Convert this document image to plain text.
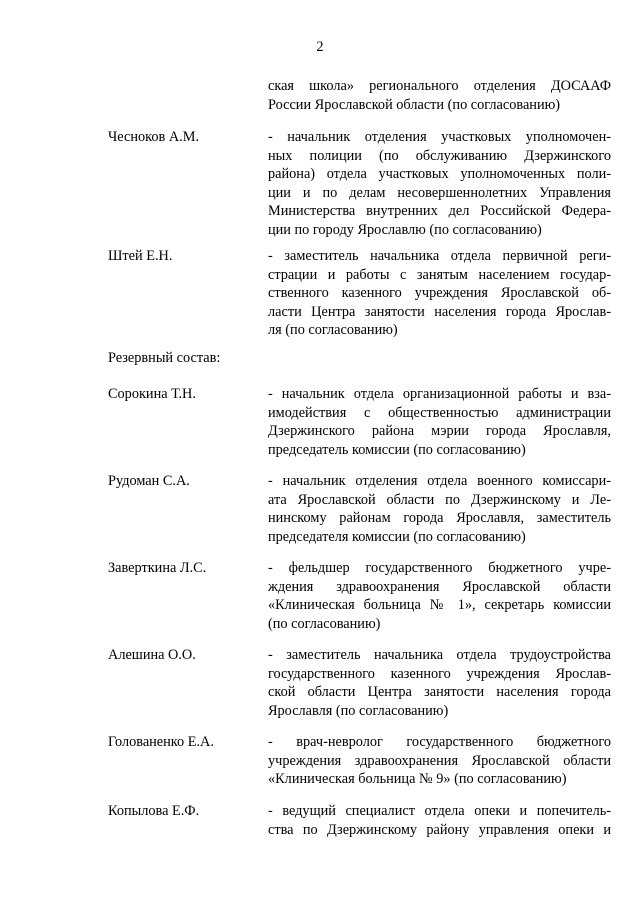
2
ская школа» регионального отделения ДОСААФ
России Ярославской области (по согласованию)
Чесноков А.М.	- начальник отделения участковых уполномочен-
ных полиции (по обслуживанию Дзержинского
района) отдела участковых уполномоченных поли-
ции и по делам несовершеннолетних Управления
Министерства внутренних дел Российской Федера-
ции по городу Ярославлю (по согласованию)
Штей Е.Н.	- заместитель начальника отдела первичной реги-
страции и работы с занятым населением государ-
ственного казенного учреждения Ярославской об-
ласти Центра занятости населения города Ярослав-
ля (по согласованию)
Резервный состав:
Сорокина Т.Н.	- начальник отдела организационной работы и вза-
имодействия с общественностью администрации
Дзержинского района мэрии города Ярославля,
председатель комиссии (по согласованию)
Рудоман С.А.	- начальник отделения отдела военного комиссари-
ата Ярославской области по Дзержинскому и Ле-
нинскому районам города Ярославля, заместитель
председателя комиссии (по согласованию)
Заверткина Л.С.	- фельдшер государственного бюджетного учре-
ждения здравоохранения Ярославской области
«Клиническая больница № 1», секретарь комиссии
(по согласованию)
Алешина О.О.	- заместитель начальника отдела трудоустройства
государственного казенного учреждения Ярослав-
ской области Центра занятости населения города
Ярославля (по согласованию)
Голованенко Е.А.	- врач-невролог государственного бюджетного
учреждения здравоохранения Ярославской области
«Клиническая больница № 9» (по согласованию)
Копылова Е.Ф.	- ведущий специалист отдела опеки и попечитель-
ства по Дзержинскому району управления опеки и
